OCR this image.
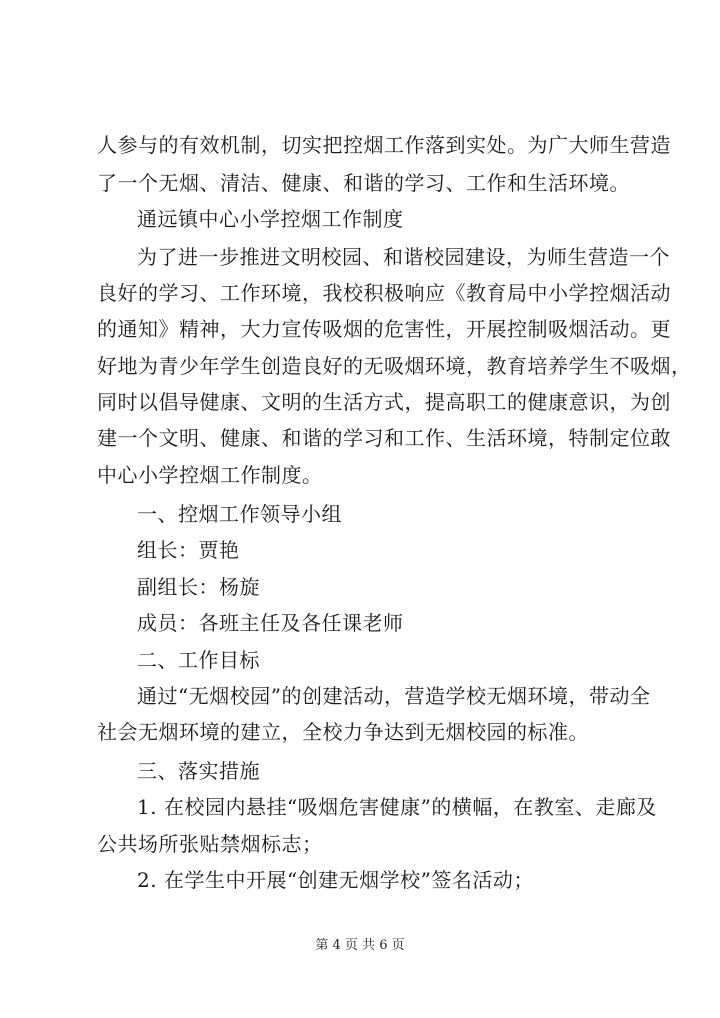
人参与的有效机制，切实把控烟工作落到实处。为广大师生营造
了一个无烟、清洁、健康、和谐的学习、工作和生活环境。
通远镇中心小学控烟工作制度
为了进一步推进文明校园、和谐校园建设，为师生营造一个
良好的学习、工作环境，我校积极响应《教育局中小学控烟活动
的通知》精神，大力宣传吸烟的危害性，开展控制吸烟活动。更
好地为青少年学生创造良好的无吸烟环境，教育培养学生不吸烟，
同时以倡导健康、文明的生活方式，提高职工的健康意识，为创
建一个文明、健康、和谐的学习和工作、生活环境，特制定位敢
中心小学控烟工作制度。
一、控烟工作领导小组
组长：贾艳
副组长：杨旋
成员：各班主任及各任课老师
二、工作目标
通过“无烟校园”的创建活动，营造学校无烟环境，带动全
社会无烟环境的建立，全校力争达到无烟校园的标准。
三、落实措施
1. 在校园内悬挂“吸烟危害健康”的横幅，在教室、走廊及
公共场所张贴禁烟标志；
2. 在学生中开展“创建无烟学校”签名活动；
第 4 页 共 6 页
